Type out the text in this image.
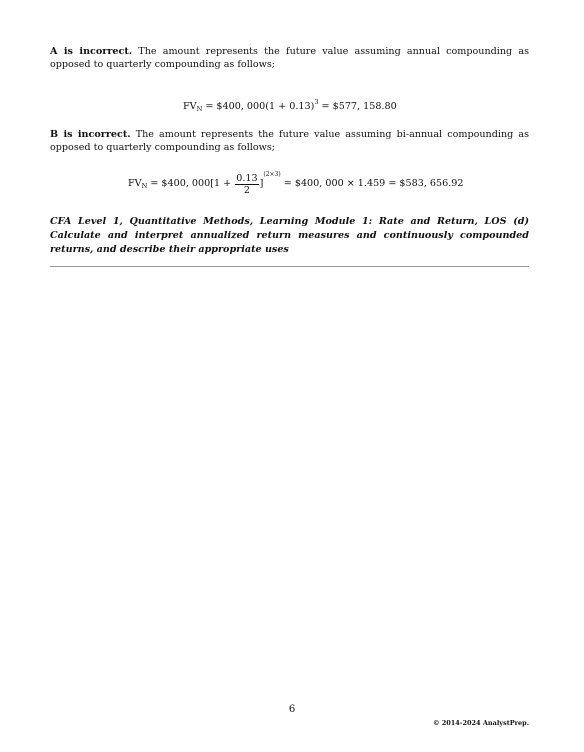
A is incorrect. The amount represents the future value assuming annual compounding as opposed to quarterly compounding as follows;

$FV_N$ = $400, $000(1 + 0.13)^3$ = $577, 158.80

B is incorrect. The amount represents the future value assuming bi-annual compounding as opposed to quarterly compounding as follows;

$FV_N$ = $400, $000[1 + \frac{0.13}{2} ]^{(2\times 3)}$ = $400, 000 × 1.459 = $583, 656.92

CFA Level 1, Quantitative Methods, Learning Module 1: Rate and Return, LOS (d) Calculate and interpret annualized return measures and continuously compounded returns, and describe their appropriate uses

6
© 2014-2024 AnalystPrep.
